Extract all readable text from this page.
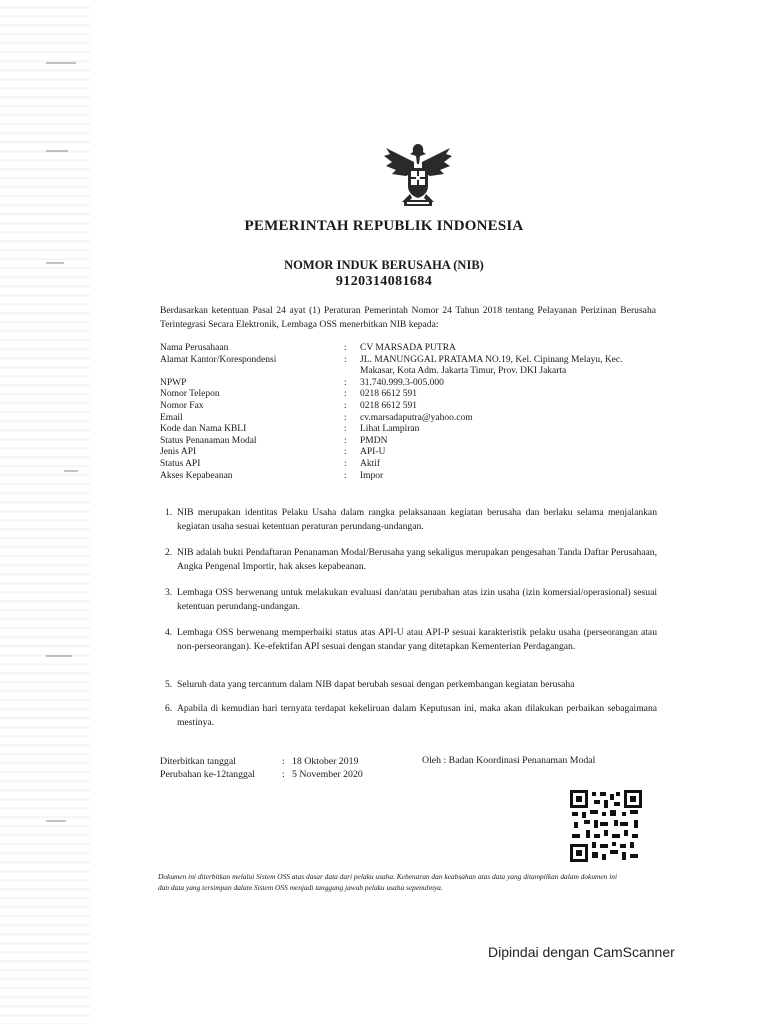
PEMERINTAH REPUBLIK INDONESIA
NOMOR INDUK BERUSAHA (NIB)
9120314081684
Berdasarkan ketentuan Pasal 24 ayat (1) Peraturan Pemerintah Nomor 24 Tahun 2018 tentang Pelayanan Perizinan Berusaha Terintegrasi Secara Elektronik, Lembaga OSS menerbitkan NIB kepada:
Nama Perusahaan	:	CV MARSADA PUTRA
Alamat Kantor/Korespondensi	:	JL. MANUNGGAL PRATAMA NO.19, Kel. Cipinang Melayu, Kec. Makasar, Kota Adm. Jakarta Timur, Prov. DKI Jakarta
NPWP	:	31.740.999.3-005.000
Nomor Telepon	:	0218 6612 591
Nomor Fax	:	0218 6612 591
Email	:	cv.marsadaputra@yahoo.com
Kode dan Nama KBLI	:	Lihat Lampiran
Status Penanaman Modal	:	PMDN
Jenis API	:	API-U
Status API	:	Aktif
Akses Kepabeanan	:	Impor
1. NIB merupakan identitas Pelaku Usaha dalam rangka pelaksanaan kegiatan berusaha dan berlaku selama menjalankan kegiatan usaha sesuai ketentuan peraturan perundang-undangan.
2. NIB adalah bukti Pendaftaran Penanaman Modal/Berusaha yang sekaligus merupakan pengesahan Tanda Daftar Perusahaan, Angka Pengenal Importir, hak akses kepabeanan.
3. Lembaga OSS berwenang untuk melakukan evaluasi dan/atau perubahan atas izin usaha (izin komersial/operasional) sesuai ketentuan perundang-undangan.
4. Lembaga OSS berwenang memperbaiki status atas API-U atau API-P sesuai karakteristik pelaku usaha (perseorangan atau non-perseorangan). Ke-efektifan API sesuai dengan standar yang ditetapkan Kementerian Perdagangan.
5. Seluruh data yang tercantum dalam NIB dapat berubah sesuai dengan perkembangan kegiatan berusaha
6. Apabila di kemudian hari ternyata terdapat kekeliruan dalam Keputusan ini, maka akan dilakukan perbaikan sebagaimana mestinya.
Diterbitkan tanggal	: 18 Oktober 2019
Perubahan ke-12tanggal	: 5 November 2020
Oleh : Badan Koordinasi Penanaman Modal
Dokumen ini diterbitkan melalui Sistem OSS atas dasar data dari pelaku usaha. Kebenaran dan keabsahan atas data yang ditampilkan dalam dokumen ini dan data yang tersimpan dalam Sistem OSS menjadi tanggung jawab pelaku usaha sepenuhnya.
Dipindai dengan CamScanner
